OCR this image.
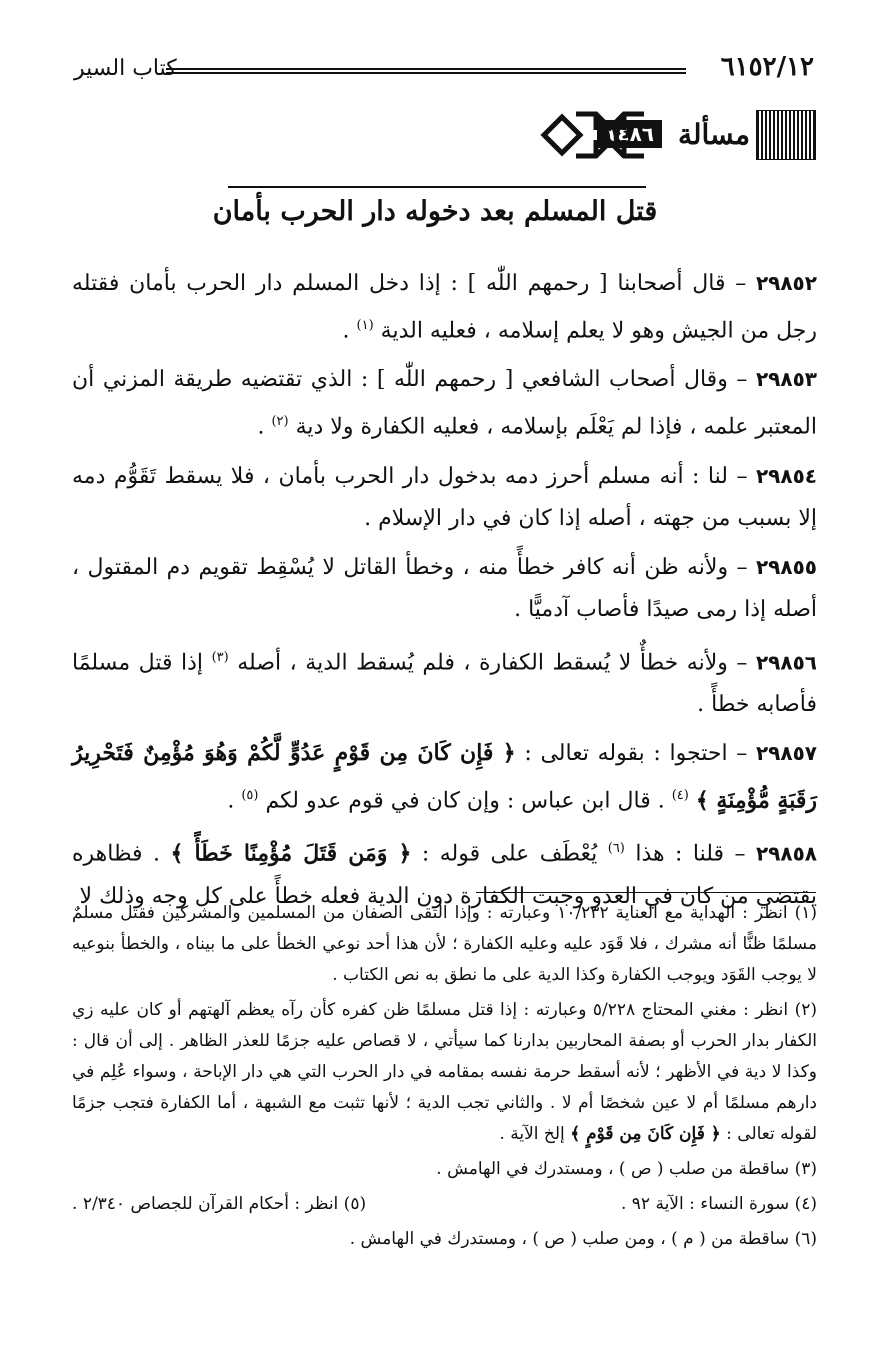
٦١٥٢/١٢
كتاب السير
مسألة
١٤٨٦
قتل المسلم بعد دخوله دار الحرب بأمان

٢٩٨٥٢ – قال أصحابنا [ رحمهم اللّٰه ] : إذا دخل المسلم دار الحرب بأمان فقتله رجل من الجيش وهو لا يعلم إسلامه ، فعليه الدية $^{(١)}$ .

٢٩٨٥٣ – وقال أصحاب الشافعي [ رحمهم اللّٰه ] : الذي تقتضيه طريقة المزني أن المعتبر علمه ، فإذا لم يَعْلَم بإسلامه ، فعليه الكفارة ولا دية $^{(٢)}$ .

٢٩٨٥٤ – لنا : أنه مسلم أحرز دمه بدخول دار الحرب بأمان ، فلا يسقط تَقَوُّم دمه إلا بسبب من جهته ، أصله إذا كان في دار الإسلام .

٢٩٨٥٥ – ولأنه ظن أنه كافر خطأً منه ، وخطأ القاتل لا يُسْقِط تقويم دم المقتول ، أصله إذا رمى صيدًا فأصاب آدميًّا .

٢٩٨٥٦ – ولأنه خطأٌ لا يُسقط الكفارة ، فلم يُسقط الدية ، أصله $^{(٣)}$ إذا قتل مسلمًا فأصابه خطأً .

٢٩٨٥٧ – احتجوا : بقوله تعالى : ﴿ فَإِن كَانَ مِن قَوْمٍ عَدُوٍّ لَّكُمْ وَهُوَ مُؤْمِنٌ فَتَحْرِيرُ رَقَبَةٍ مُّؤْمِنَةٍ ﴾ $^{(٤)}$ . قال ابن عباس : وإن كان في قوم عدو لكم $^{(٥)}$ .

٢٩٨٥٨ – قلنا : هذا $^{(٦)}$ يُعْطَف على قوله : ﴿ وَمَن قَتَلَ مُؤْمِنًا خَطَأً ﴾ . فظاهره يقتضي من كان في العدو وجبت الكفارة دون الدية فعله خطأً على كل وجه وذلك لا

(١) انظر : الهداية مع العناية ١٠/٢٣٢ وعبارته : وإذا التقى الصفان من المسلمين والمشركين فقتل مسلمٌ مسلمًا ظنًّا أنه مشرك ، فلا قَوَد عليه وعليه الكفارة ؛ لأن هذا أحد نوعي الخطأ على ما بيناه ، والخطأ بنوعيه لا يوجب القَوَد ويوجب الكفارة وكذا الدية على ما نطق به نص الكتاب .

(٢) انظر : مغني المحتاج ٥/٢٢٨ وعبارته : إذا قتل مسلمًا ظن كفره كأن رآه يعظم آلهتهم أو كان عليه زي الكفار بدار الحرب أو بصفة المحاربين بدارنا كما سيأتي ، لا قصاص عليه جزمًا للعذر الظاهر . إلى أن قال : وكذا لا دية في الأظهر ؛ لأنه أسقط حرمة نفسه بمقامه في دار الحرب التي هي دار الإباحة ، وسواء عُلِم في دارهم مسلمًا أم لا عين شخصًا أم لا . والثاني تجب الدية ؛ لأنها تثبت مع الشبهة ، أما الكفارة فتجب جزمًا لقوله تعالى : ﴿ فَإِن كَانَ مِن قَوْمٍ ﴾ إلخ الآية .

(٣) ساقطة من صلب ( ص ) ، ومستدرك في الهامش .

(٤) سورة النساء : الآية ٩٢ .
(٥) انظر : أحكام القرآن للجصاص ٢/٣٤٠ .

(٦) ساقطة من ( م ) ، ومن صلب ( ص ) ، ومستدرك في الهامش .
